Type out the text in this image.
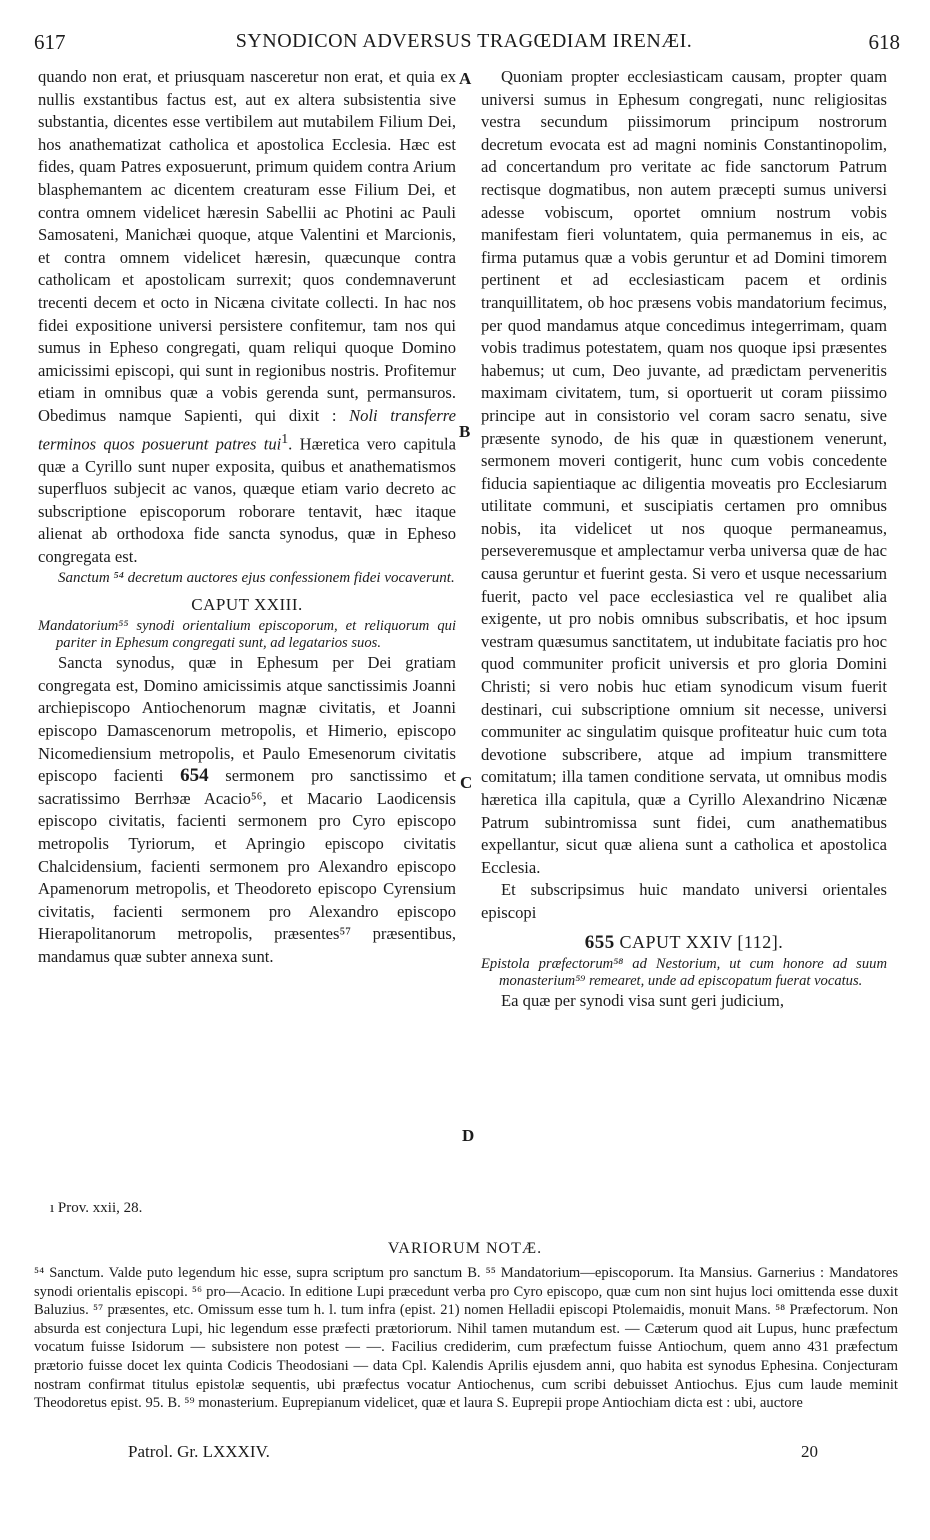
617	SYNODICON ADVERSUS TRAGŒDIAM IRENÆI.	618
A
B
C
D

quando non erat, et priusquam nasceretur non erat, et quia ex nullis exstantibus factus est, aut ex altera subsistentia sive substantia, dicentes esse vertibilem aut mutabilem Filium Dei, hos anathematizat catholica et apostolica Ecclesia. Hæc est fides, quam Patres exposuerunt, primum quidem contra Arium blasphemantem ac dicentem creaturam esse Filium Dei, et contra omnem videlicet hæresin Sabellii ac Photini ac Pauli Samosateni, Manichæi quoque, atque Valentini et Marcionis, et contra omnem videlicet hæresin, quæcunque contra catholicam et apostolicam surrexit; quos condemnaverunt trecenti decem et octo in Nicæna civitate collecti. In hac nos fidei expositione universi persistere confitemur, tam nos qui sumus in Epheso congregati, quam reliqui quoque Domino amicissimi episcopi, qui sunt in regionibus nostris. Profitemur etiam in omnibus quæ a vobis gerenda sunt, permansuros. Obedimus namque Sapienti, qui dixit : Noli transferre terminos quos posuerunt patres tui$^1$. Hæretica vero capitula quæ a Cyrillo sunt nuper exposita, quibus et anathematismos superfluos subjecit ac vanos, quæque etiam vario decreto ac subscriptione episcoporum roborare tentavit, hæc itaque alienat ab orthodoxa fide sancta synodus, quæ in Epheso congregata est.

Sanctum ⁵⁴ decretum auctores ejus confessionem fidei vocaverunt.

CAPUT XXIII.

Mandatorium⁵⁵ synodi orientalium episcoporum, et reliquorum qui pariter in Ephesum congregati sunt, ad legatarios suos.

Sancta synodus, quæ in Ephesum per Dei gratiam congregata est, Domino amicissimis atque sanctissimis Joanni archiepiscopo Antiochenorum magnæ civitatis, et Joanni episcopo Damascenorum metropolis, et Himerio, episcopo Nicomediensium metropolis, et Paulo Emesenorum civitatis episcopo facienti 654 sermonem pro sanctissimo et sacratissimo Berrhϧæ Acacio⁵⁶, et Macario Laodicensis episcopo civitatis, facienti sermonem pro Cyro episcopo metropolis Tyriorum, et Apringio episcopo civitatis Chalcidensium, facienti sermonem pro Alexandro episcopo Apamenorum metropolis, et Theodoreto episcopo Cyrensium civitatis, facienti sermonem pro Alexandro episcopo Hierapolitanorum metropolis, præsentes⁵⁷ præsentibus, mandamus quæ subter annexa sunt.

Quoniam propter ecclesiasticam causam, propter quam universi sumus in Ephesum congregati, nunc religiositas vestra secundum piissimorum principum nostrorum decretum evocata est ad magni nominis Constantinopolim, ad concertandum pro veritate ac fide sanctorum Patrum rectisque dogmatibus, non autem præcepti sumus universi adesse vobiscum, oportet omnium nostrum vobis manifestam fieri voluntatem, quia permanemus in eis, ac firma putamus quæ a vobis geruntur et ad Domini timorem pertinent et ad ecclesiasticam pacem et ordinis tranquillitatem, ob hoc præsens vobis mandatorium fecimus, per quod mandamus atque concedimus integerrimam, quam vobis tradimus potestatem, quam nos quoque ipsi præsentes habemus; ut cum, Deo juvante, ad prædictam perveneritis maximam civitatem, tum, si oportuerit ut coram piissimo principe aut in consistorio vel coram sacro senatu, sive præsente synodo, de his quæ in quæstionem venerunt, sermonem moveri contigerit, hunc cum vobis concedente fiducia sapientiaque ac diligentia moveatis pro Ecclesiarum utilitate communi, et suscipiatis certamen pro omnibus nobis, ita videlicet ut nos quoque permaneamus, perseveremusque et amplectamur verba universa quæ de hac causa geruntur et fuerint gesta. Si vero et usque necessarium fuerit, pacto vel pace ecclesiastica vel re qualibet alia exigente, ut pro nobis omnibus subscribatis, et hoc ipsum vestram quæsumus sanctitatem, ut indubitate faciatis pro hoc quod communiter proficit universis et pro gloria Domini Christi; si vero nobis huc etiam synodicum visum fuerit destinari, cui subscriptione omnium sit necesse, universi communiter ac singulatim quisque profiteatur huic cum tota devotione subscribere, atque ad impium transmittere comitatum; illa tamen conditione servata, ut omnibus modis hæretica illa capitula, quæ a Cyrillo Alexandrino Nicænæ Patrum subintromissa sunt fidei, cum anathematibus expellantur, sicut quæ aliena sunt a catholica et apostolica Ecclesia.

Et subscripsimus huic mandato universi orientales episcopi

655 CAPUT XXIV [112].

Epistola præfectorum⁵⁸ ad Nestorium, ut cum honore ad suum monasterium⁵⁹ remearet, unde ad episcopatum fuerat vocatus.

Ea quæ per synodi visa sunt geri judicium,

ı Prov. xxii, 28.
VARIORUM NOTÆ.
⁵⁴ Sanctum. Valde puto legendum hic esse, supra scriptum pro sanctum B. ⁵⁵ Mandatorium—episcoporum. Ita Mansius. Garnerius : Mandatores synodi orientalis episcopi. ⁵⁶ pro—Acacio. In editione Lupi præcedunt verba pro Cyro episcopo, quæ cum non sint hujus loci omittenda esse duxit Baluzius. ⁵⁷ præsentes, etc. Omissum esse tum h. l. tum infra (epist. 21) nomen Helladii episcopi Ptolemaidis, monuit Mans. ⁵⁸ Præfectorum. Non absurda est conjectura Lupi, hic legendum esse præfecti prætoriorum. Nihil tamen mutandum est. — Cæterum quod ait Lupus, hunc præfectum vocatum fuisse Isidorum — subsistere non potest — —. Facilius crediderim, cum præfectum fuisse Antiochum, quem anno 431 præfectum prætorio fuisse docet lex quinta Codicis Theodosiani — data Cpl. Kalendis Aprilis ejusdem anni, quo habita est synodus Ephesina. Conjecturam nostram confirmat titulus epistolæ sequentis, ubi præfectus vocatur Antiochenus, cum scribi debuisset Antiochus. Ejus cum laude meminit Theodoretus epist. 95. B. ⁵⁹ monasterium. Euprepianum videlicet, quæ et laura S. Euprepii prope Antiochiam dicta est : ubi, auctore
Patrol. Gr. LXXXIV.	20
